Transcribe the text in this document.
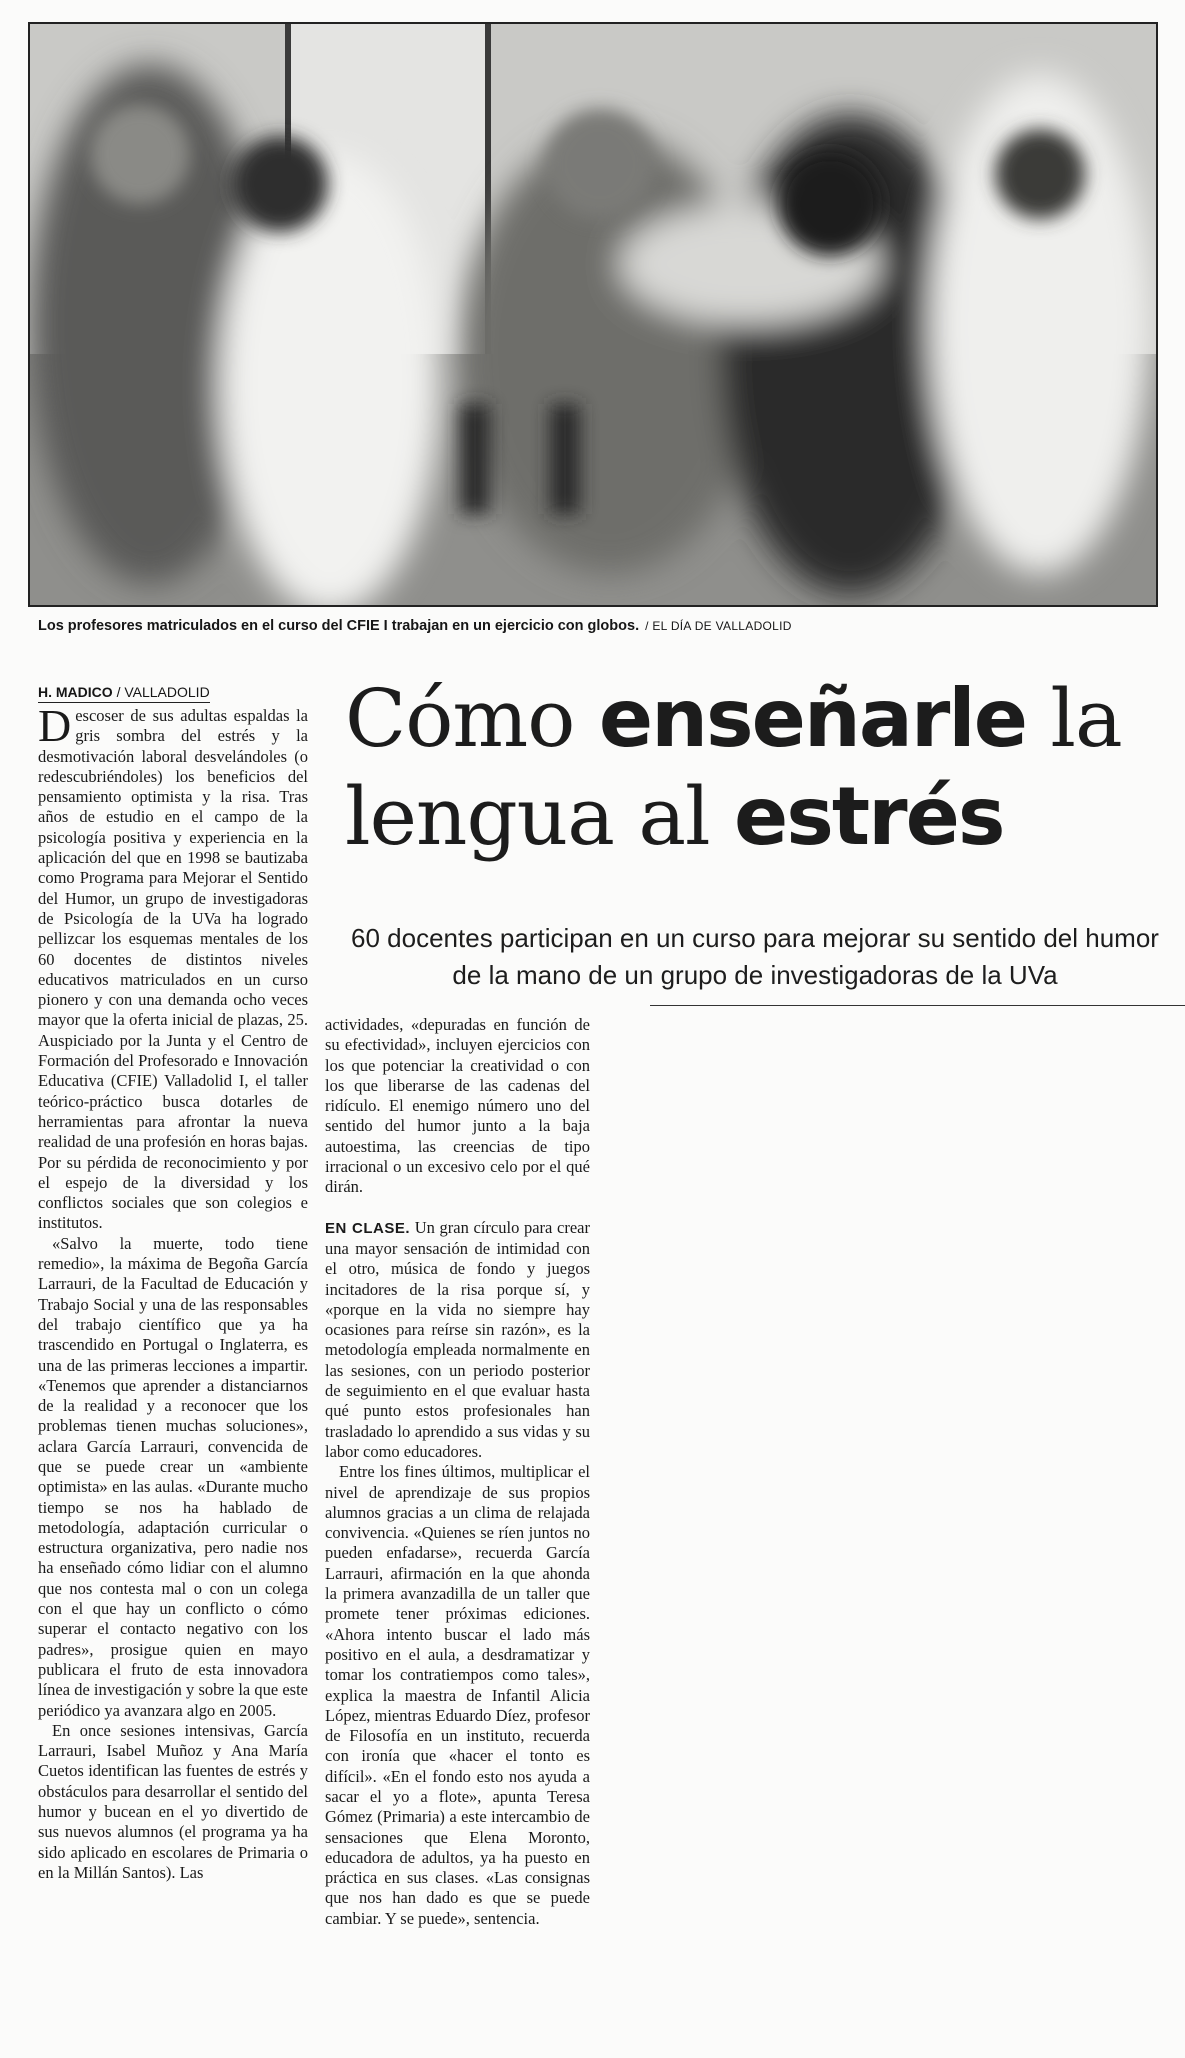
Los profesores matriculados en el curso del CFIE I trabajan en un ejercicio con globos. / EL DÍA DE VALLADOLID
H. MADICO / VALLADOLID Cómo enseñarle la lengua al estrés
60 docentes participan en un curso para mejorar su sentido del humor de la mano de un grupo de investigadoras de la UVa

Descoser de sus adultas espaldas la gris sombra del estrés y la desmotivación laboral desvelándoles (o redescubriéndoles) los beneficios del pensamiento optimista y la risa. Tras años de estudio en el campo de la psicología positiva y experiencia en la aplicación del que en 1998 se bautizaba como Programa para Mejorar el Sentido del Humor, un grupo de investigadoras de Psicología de la UVa ha logrado pellizcar los esquemas mentales de los 60 docentes de distintos niveles educativos matriculados en un curso pionero y con una demanda ocho veces mayor que la oferta inicial de plazas, 25. Auspiciado por la Junta y el Centro de Formación del Profesorado e Innovación Educativa (CFIE) Valladolid I, el taller teórico-práctico busca dotarles de herramientas para afrontar la nueva realidad de una profesión en horas bajas. Por su pérdida de reconocimiento y por el espejo de la diversidad y los conflictos sociales que son colegios e institutos.

«Salvo la muerte, todo tiene remedio», la máxima de Begoña García Larrauri, de la Facultad de Educación y Trabajo Social y una de las responsables del trabajo científico que ya ha trascendido en Portugal o Inglaterra, es una de las primeras lecciones a impartir. «Tenemos que aprender a distanciarnos de la realidad y a reconocer que los problemas tienen muchas soluciones», aclara García Larrauri, convencida de que se puede crear un «ambiente optimista» en las aulas. «Durante mucho tiempo se nos ha hablado de metodología, adaptación curricular o estructura organizativa, pero nadie nos ha enseñado cómo lidiar con el alumno que nos contesta mal o con un colega con el que hay un conflicto o cómo superar el contacto negativo con los padres», prosigue quien en mayo publicara el fruto de esta innovadora línea de investigación y sobre la que este periódico ya avanzara algo en 2005.

En once sesiones intensivas, García Larrauri, Isabel Muñoz y Ana María Cuetos identifican las fuentes de estrés y obstáculos para desarrollar el sentido del humor y bucean en el yo divertido de sus nuevos alumnos (el programa ya ha sido aplicado en escolares de Primaria o en la Millán Santos). Las

actividades, «depuradas en función de su efectividad», incluyen ejercicios con los que potenciar la creatividad o con los que liberarse de las cadenas del ridículo. El enemigo número uno del sentido del humor junto a la baja autoestima, las creencias de tipo irracional o un excesivo celo por el qué dirán.

EN CLASE. Un gran círculo para crear una mayor sensación de intimidad con el otro, música de fondo y juegos incitadores de la risa porque sí, y «porque en la vida no siempre hay ocasiones para reírse sin razón», es la metodología empleada normalmente en las sesiones, con un periodo posterior de seguimiento en el que evaluar hasta qué punto estos profesionales han trasladado lo aprendido a sus vidas y su labor como educadores.

Entre los fines últimos, multiplicar el nivel de aprendizaje de sus propios alumnos gracias a un clima de relajada convivencia. «Quienes se ríen juntos no pueden enfadarse», recuerda García Larrauri, afirmación en la que ahonda la primera avanzadilla de un taller que promete tener próximas ediciones. «Ahora intento buscar el lado más positivo en el aula, a desdramatizar y tomar los contratiempos como tales», explica la maestra de Infantil Alicia López, mientras Eduardo Díez, profesor de Filosofía en un instituto, recuerda con ironía que «hacer el tonto es difícil». «En el fondo esto nos ayuda a sacar el yo a flote», apunta Teresa Gómez (Primaria) a este intercambio de sensaciones que Elena Moronto, educadora de adultos, ya ha puesto en práctica en sus clases. «Las consignas que nos han dado es que se puede cambiar. Y se puede», sentencia.
